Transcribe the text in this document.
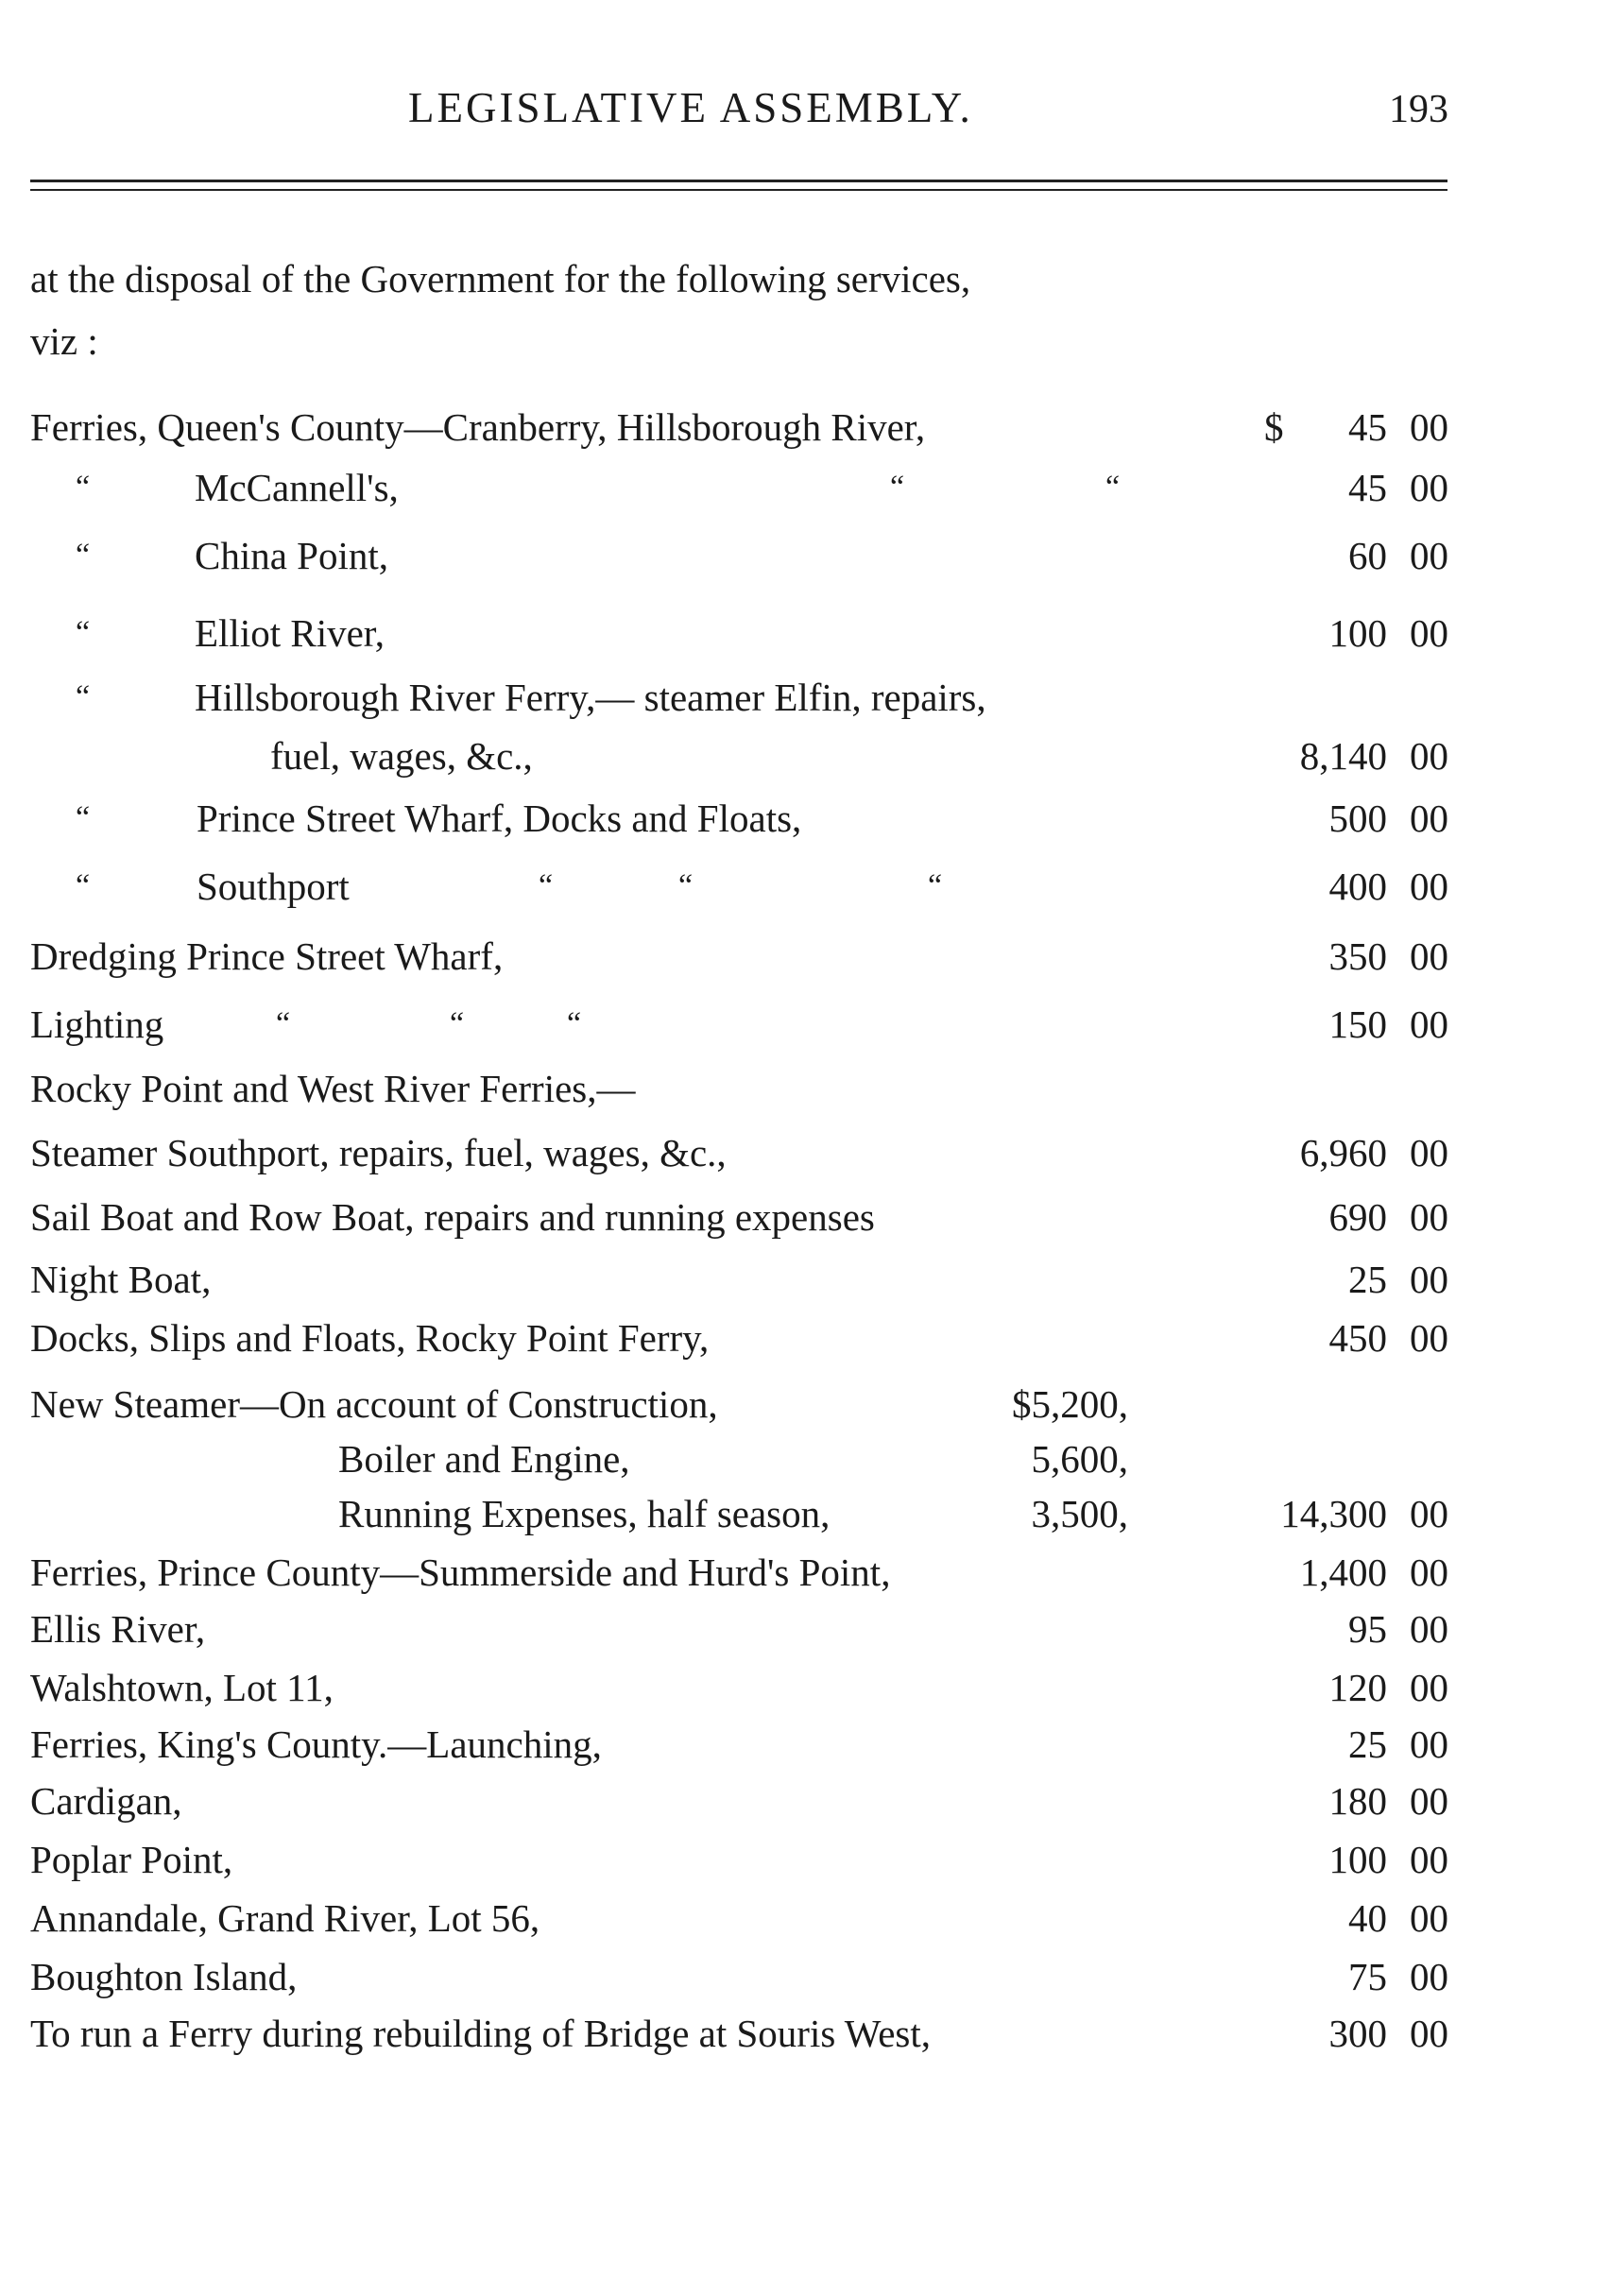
LEGISLATIVE ASSEMBLY.	193
at the disposal of the Government for the following services,
viz :
Ferries, Queen's County—Cranberry, Hillsborough River,	$ 45 00
“	McCannell's,	“	“	45 00
“	China Point,	60 00
“	Elliot River,	100 00
“	Hillsborough River Ferry,— steamer Elfin, repairs,
fuel, wages, &c.,	8,140 00
“	Prince Street Wharf, Docks and Floats,	500 00
“	Southport	“	“	“	400 00
Dredging Prince Street Wharf,	350 00
Lighting	“	“	“	150 00
Rocky Point and West River Ferries,—
Steamer Southport, repairs, fuel, wages, &c.,	6,960 00
Sail Boat and Row Boat, repairs and running expenses	690 00
Night Boat,	25 00
Docks, Slips and Floats, Rocky Point Ferry,	450 00
New Steamer—On account of Construction,	$5,200,
Boiler and Engine,	5,600,
Running Expenses, half season,	3,500,	14,300 00
Ferries, Prince County—Summerside and Hurd's Point,	1,400 00
Ellis River,	95 00
Walshtown, Lot 11,	120 00
Ferries, King's County.—Launching,	25 00
Cardigan,	180 00
Poplar Point,	100 00
Annandale, Grand River, Lot 56,	40 00
Boughton Island,	75 00
To run a Ferry during rebuilding of Bridge at Souris West,	300 00
